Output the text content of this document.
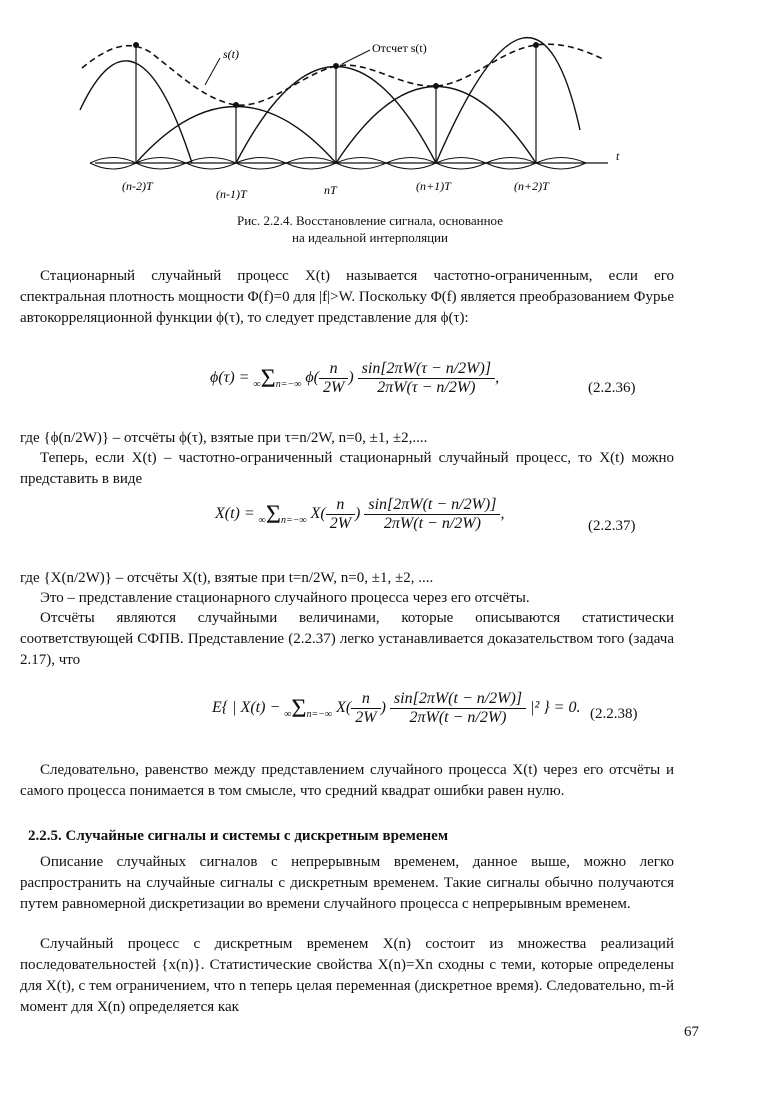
s(t)	Отсчет s(t)
t
(n-2)T
(n-1)T	nT	(n+1)T	(n+2)T
Рис. 2.2.4. Восстановление сигнала, основанное
на идеальной интерполяции
Стационарный случайный процесс X(t) называется частотно-ограниченным, если его спектральная плотность мощности Φ(f)=0 для |f|>W. Поскольку Φ(f) является преобразованием Фурье автокорреляционной функции ϕ(τ), то следует представление для ϕ(τ):
ϕ(τ) = ∞Σn=−∞ $\phi( \frac{n}{2W}$ ) $\frac{\sin[2\pi W(\tau - n/2W)]}{2\pi W(\tau - n/2W)}$ ,
(2.2.36)
где {ϕ(n/2W)} – отсчёты ϕ(τ), взятые при τ=n/2W, n=0, ±1, ±2,....
Теперь, если X(t) – частотно-ограниченный стационарный случайный процесс, то X(t) можно представить в виде
X(t) = ∞Σn=−∞ $X( \frac{n}{2W}$ ) $\frac{\sin[2\pi W(t - n/2W)]}{2\pi W(t - n/2W)}$ ,
(2.2.37)
где {X(n/2W)} – отсчёты X(t), взятые при t=n/2W, n=0, ±1, ±2, ....
Это – представление стационарного случайного процесса через его отсчёты.
Отсчёты являются случайными величинами, которые описываются статистически соответствующей СФПВ. Представление (2.2.37) легко устанавливается доказательством того (задача 2.17), что
E{ | X(t) − ∞Σn=−∞ $X( \frac{n}{2W}$ ) $\frac{\sin[2\pi W(t - n/2W)]}{2\pi W(t - n/2W)} |^2$ } = 0. (2.2.38)
Следовательно, равенство между представлением случайного процесса X(t) через его отсчёты и самого процесса понимается в том смысле, что средний квадрат ошибки равен нулю.
2.2.5. Случайные сигналы и системы с дискретным временем
Описание случайных сигналов с непрерывным временем, данное выше, можно легко распространить на случайные сигналы с дискретным временем. Такие сигналы обычно получаются путем равномерной дискретизации во времени случайного процесса с непрерывным временем.
Случайный процесс с дискретным временем X(n) состоит из множества реализаций последовательностей {x(n)}. Статистические свойства X(n)=Xn сходны с теми, которые определены для X(t), с тем ограничением, что n теперь целая переменная (дискретное время). Следовательно, m-й момент для X(n) определяется как
67
